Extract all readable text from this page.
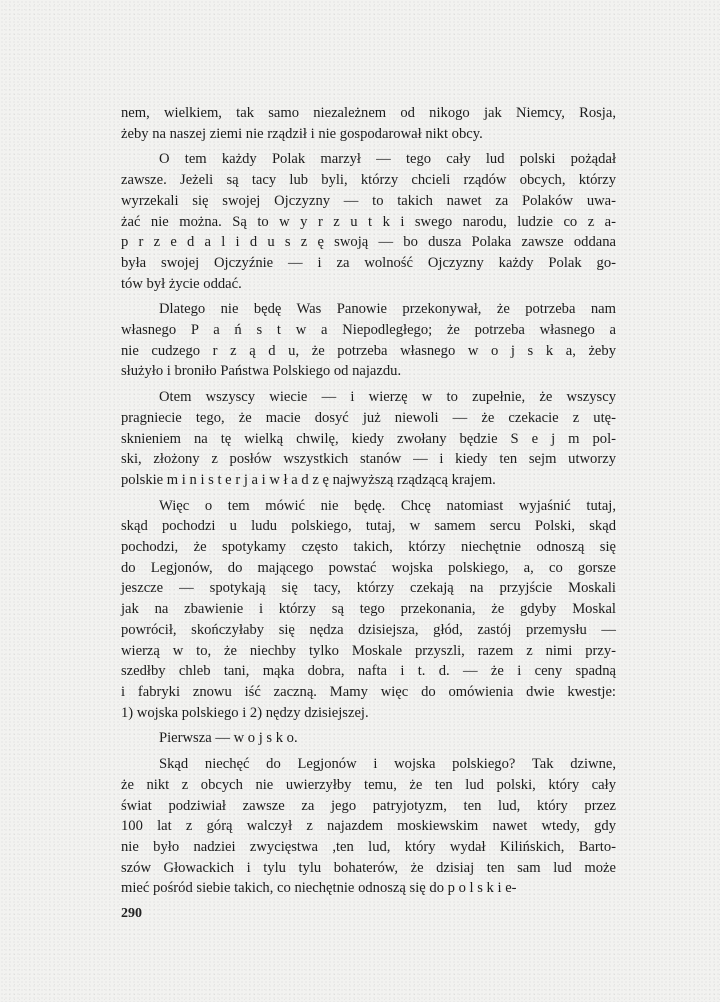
nem, wielkiem, tak samo niezależnem od nikogo jak Niemcy, Rosja,
żeby na naszej ziemi nie rządził i nie gospodarował nikt obcy.
O tem każdy Polak marzył — tego cały lud polski pożądał
zawsze. Jeżeli są tacy lub byli, którzy chcieli rządów obcych, którzy
wyrzekali się swojej Ojczyzny — to takich nawet za Polaków uwa-
żać nie można. Są to w y r z u t k i swego narodu, ludzie co z a-
p r z e d a l i d u s z ę swoją — bo dusza Polaka zawsze oddana
była swojej Ojczyźnie — i za wolność Ojczyzny każdy Polak go-
tów był życie oddać.
Dlatego nie będę Was Panowie przekonywał, że potrzeba nam
własnego P a ń s t w a Niepodległego; że potrzeba własnego a
nie cudzego r z ą d u, że potrzeba własnego w o j s k a, żeby
służyło i broniło Państwa Polskiego od najazdu.
Otem wszyscy wiecie — i wierzę w to zupełnie, że wszyscy
pragniecie tego, że macie dosyć już niewoli — że czekacie z utę-
sknieniem na tę wielką chwilę, kiedy zwołany będzie S e j m pol-
ski, złożony z posłów wszystkich stanów — i kiedy ten sejm utworzy
polskie m i n i s t e r j a i w ł a d z ę najwyższą rządzącą krajem.
Więc o tem mówić nie będę. Chcę natomiast wyjaśnić tutaj,
skąd pochodzi u ludu polskiego, tutaj, w samem sercu Polski, skąd
pochodzi, że spotykamy często takich, którzy niechętnie odnoszą się
do Legjonów, do mającego powstać wojska polskiego, a, co gorsze
jeszcze — spotykają się tacy, którzy czekają na przyjście Moskali
jak na zbawienie i którzy są tego przekonania, że gdyby Moskal
powrócił, skończyłaby się nędza dzisiejsza, głód, zastój przemysłu —
wierzą w to, że niechby tylko Moskale przyszli, razem z nimi przy-
szedłby chleb tani, mąka dobra, nafta i t. d. — że i ceny spadną
i fabryki znowu iść zaczną. Mamy więc do omówienia dwie kwestje:
1) wojska polskiego i 2) nędzy dzisiejszej.
Pierwsza — w o j s k o.
Skąd niechęć do Legjonów i wojska polskiego? Tak dziwne,
że nikt z obcych nie uwierzyłby temu, że ten lud polski, który cały
świat podziwiał zawsze za jego patryjotyzm, ten lud, który przez
100 lat z górą walczył z najazdem moskiewskim nawet wtedy, gdy
nie było nadziei zwycięstwa ,ten lud, który wydał Kilińskich, Barto-
szów Głowackich i tylu tylu bohaterów, że dzisiaj ten sam lud może
mieć pośród siebie takich, co niechętnie odnoszą się do p o l s k i e-
290
